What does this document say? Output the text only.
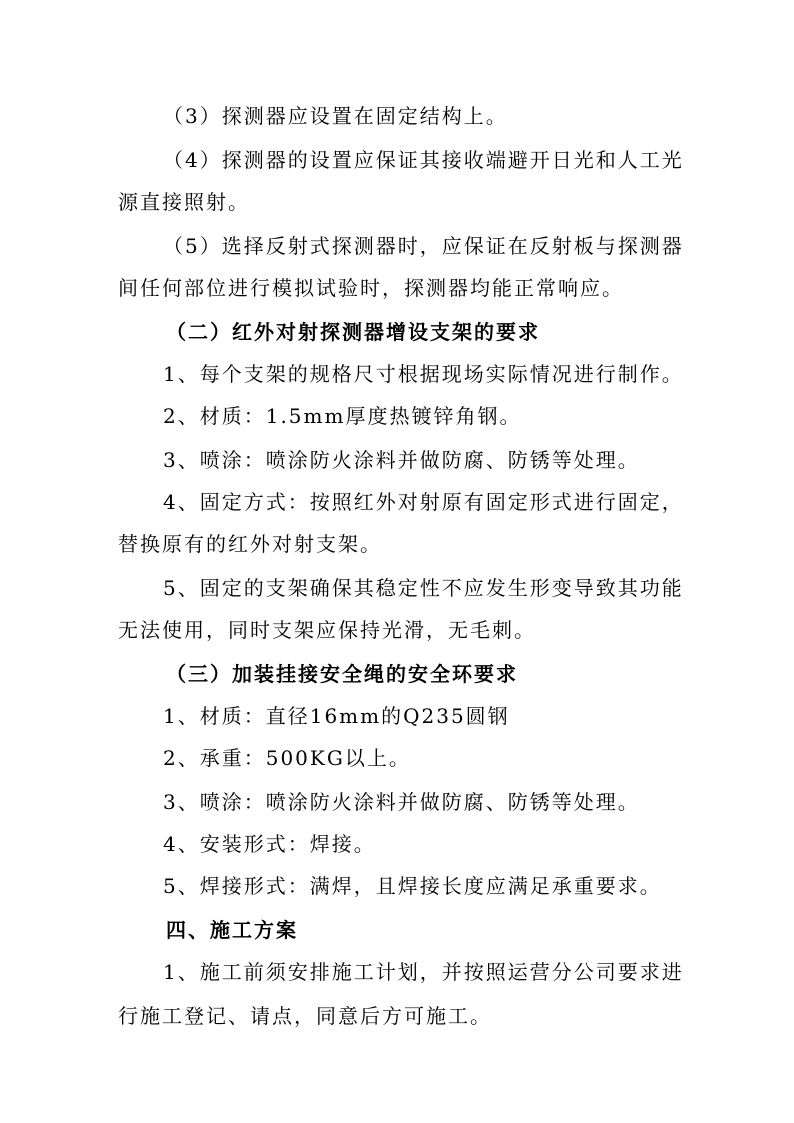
（3）探测器应设置在固定结构上。
（4）探测器的设置应保证其接收端避开日光和人工光
源直接照射。
（5）选择反射式探测器时，应保证在反射板与探测器
间任何部位进行模拟试验时，探测器均能正常响应。
（二）红外对射探测器增设支架的要求
1、每个支架的规格尺寸根据现场实际情况进行制作。
2、材质：1.5mm厚度热镀锌角钢。
3、喷涂：喷涂防火涂料并做防腐、防锈等处理。
4、固定方式：按照红外对射原有固定形式进行固定，
替换原有的红外对射支架。
5、固定的支架确保其稳定性不应发生形变导致其功能
无法使用，同时支架应保持光滑，无毛刺。
（三）加装挂接安全绳的安全环要求
1、材质：直径16mm的Q235圆钢
2、承重：500KG以上。
3、喷涂：喷涂防火涂料并做防腐、防锈等处理。
4、安装形式：焊接。
5、焊接形式：满焊，且焊接长度应满足承重要求。
四、施工方案
1、施工前须安排施工计划，并按照运营分公司要求进
行施工登记、请点，同意后方可施工。
